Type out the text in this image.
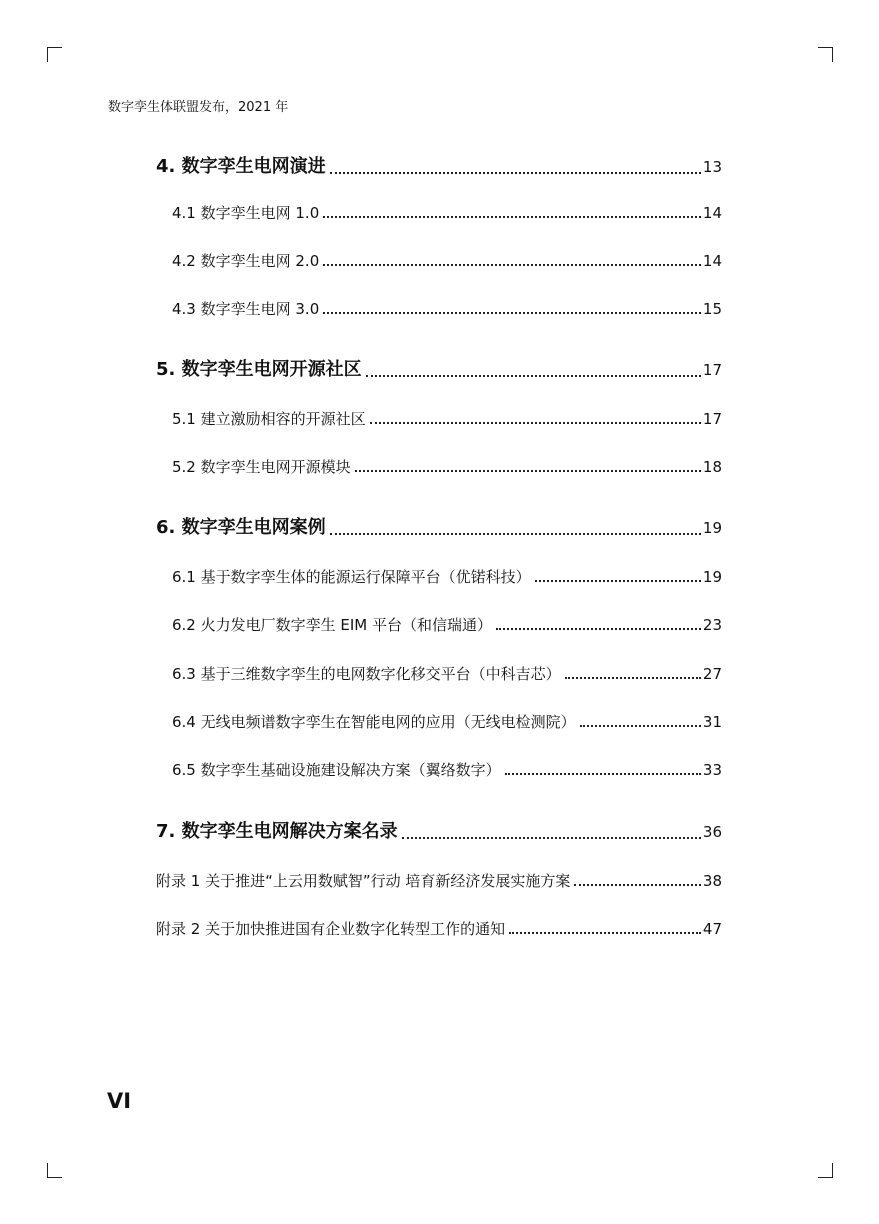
数字孪生体联盟发布，2021 年
4. 数字孪生电网演进	13
4.1 数字孪生电网 1.0	14
4.2 数字孪生电网 2.0	14
4.3 数字孪生电网 3.0	15
5. 数字孪生电网开源社区	17
5.1 建立激励相容的开源社区	17
5.2 数字孪生电网开源模块	18
6. 数字孪生电网案例	19
6.1 基于数字孪生体的能源运行保障平台（优锘科技）	19
6.2 火力发电厂数字孪生 EIM 平台（和信瑞通）	23
6.3 基于三维数字孪生的电网数字化移交平台（中科吉芯）	27
6.4 无线电频谱数字孪生在智能电网的应用（无线电检测院）	31
6.5 数字孪生基础设施建设解决方案（翼络数字）	33
7. 数字孪生电网解决方案名录	36
附录 1 关于推进“上云用数赋智”行动 培育新经济发展实施方案	38
附录 2 关于加快推进国有企业数字化转型工作的通知	47
VI
